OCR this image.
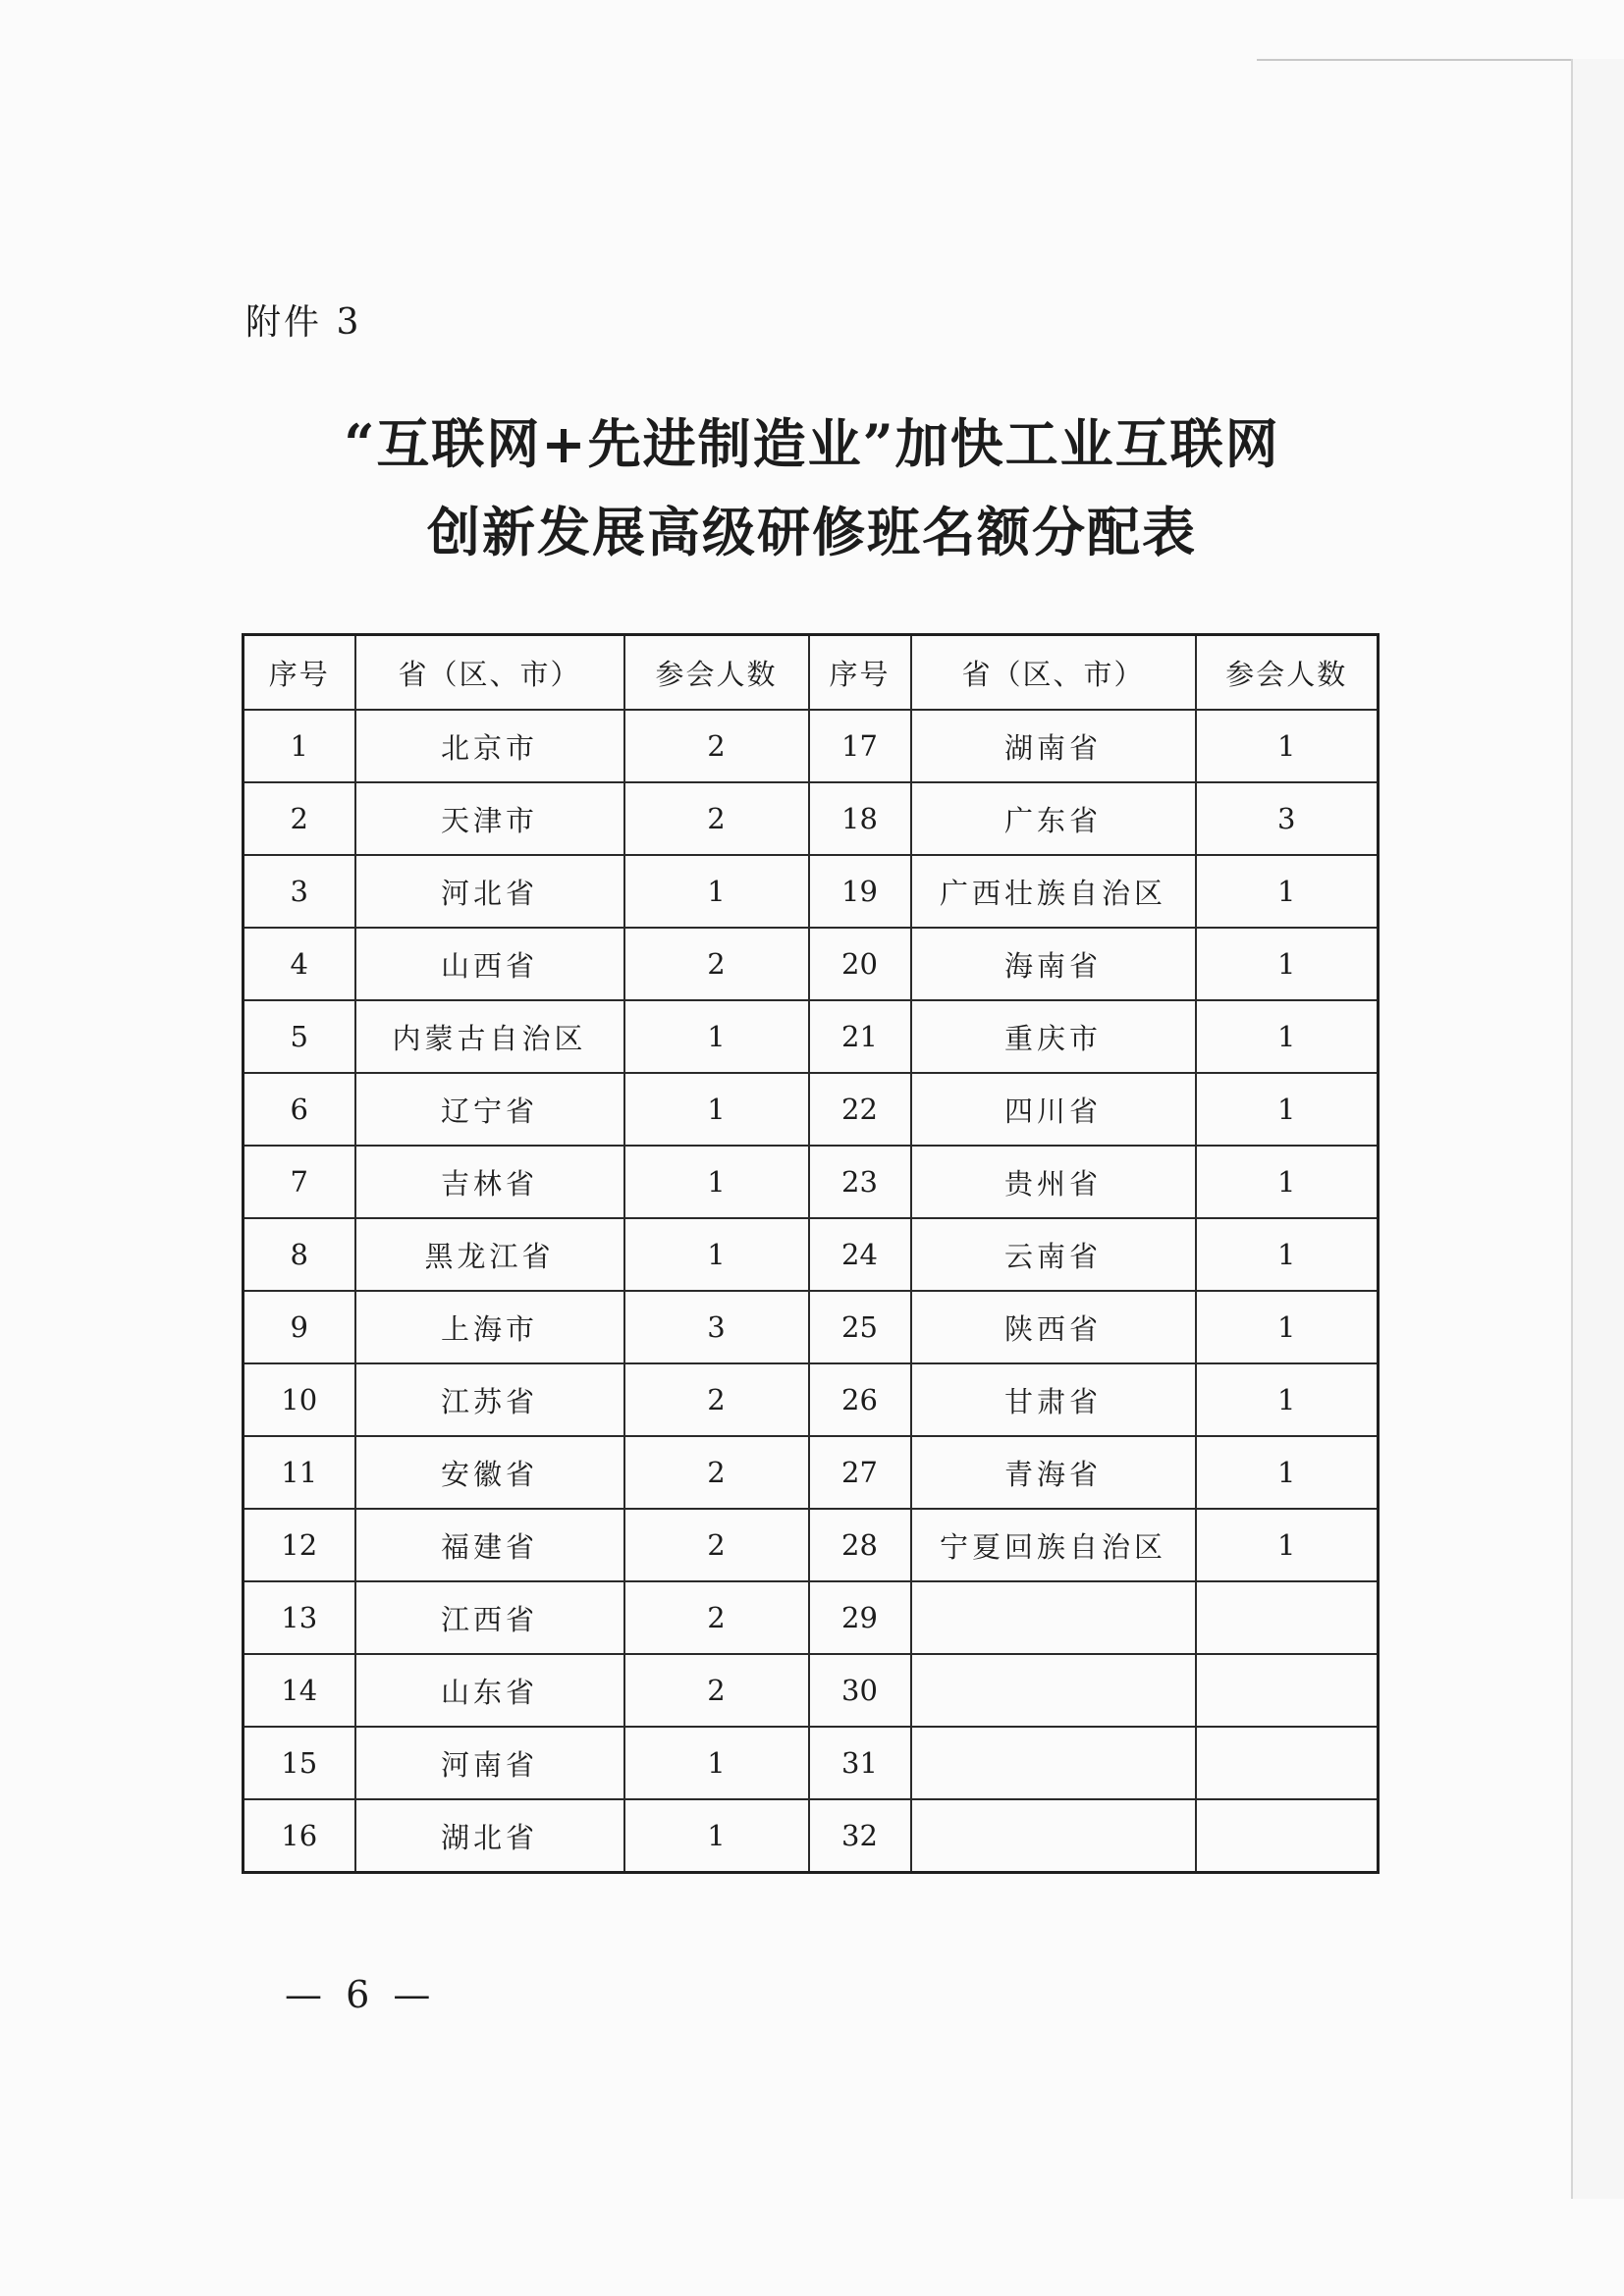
附件 3
“互联网+先进制造业”加快工业互联网
创新发展高级研修班名额分配表
序号	省（区、市）	参会人数	序号	省（区、市）	参会人数
1	北京市	2	17	湖南省	1
2	天津市	2	18	广东省	3
3	河北省	1	19	广西壮族自治区	1
4	山西省	2	20	海南省	1
5	内蒙古自治区	1	21	重庆市	1
6	辽宁省	1	22	四川省	1
7	吉林省	1	23	贵州省	1
8	黑龙江省	1	24	云南省	1
9	上海市	3	25	陕西省	1
10	江苏省	2	26	甘肃省	1
11	安徽省	2	27	青海省	1
12	福建省	2	28	宁夏回族自治区	1
13	江西省	2	29		
14	山东省	2	30		
15	河南省	1	31		
16	湖北省	1	32		
— 6 —
